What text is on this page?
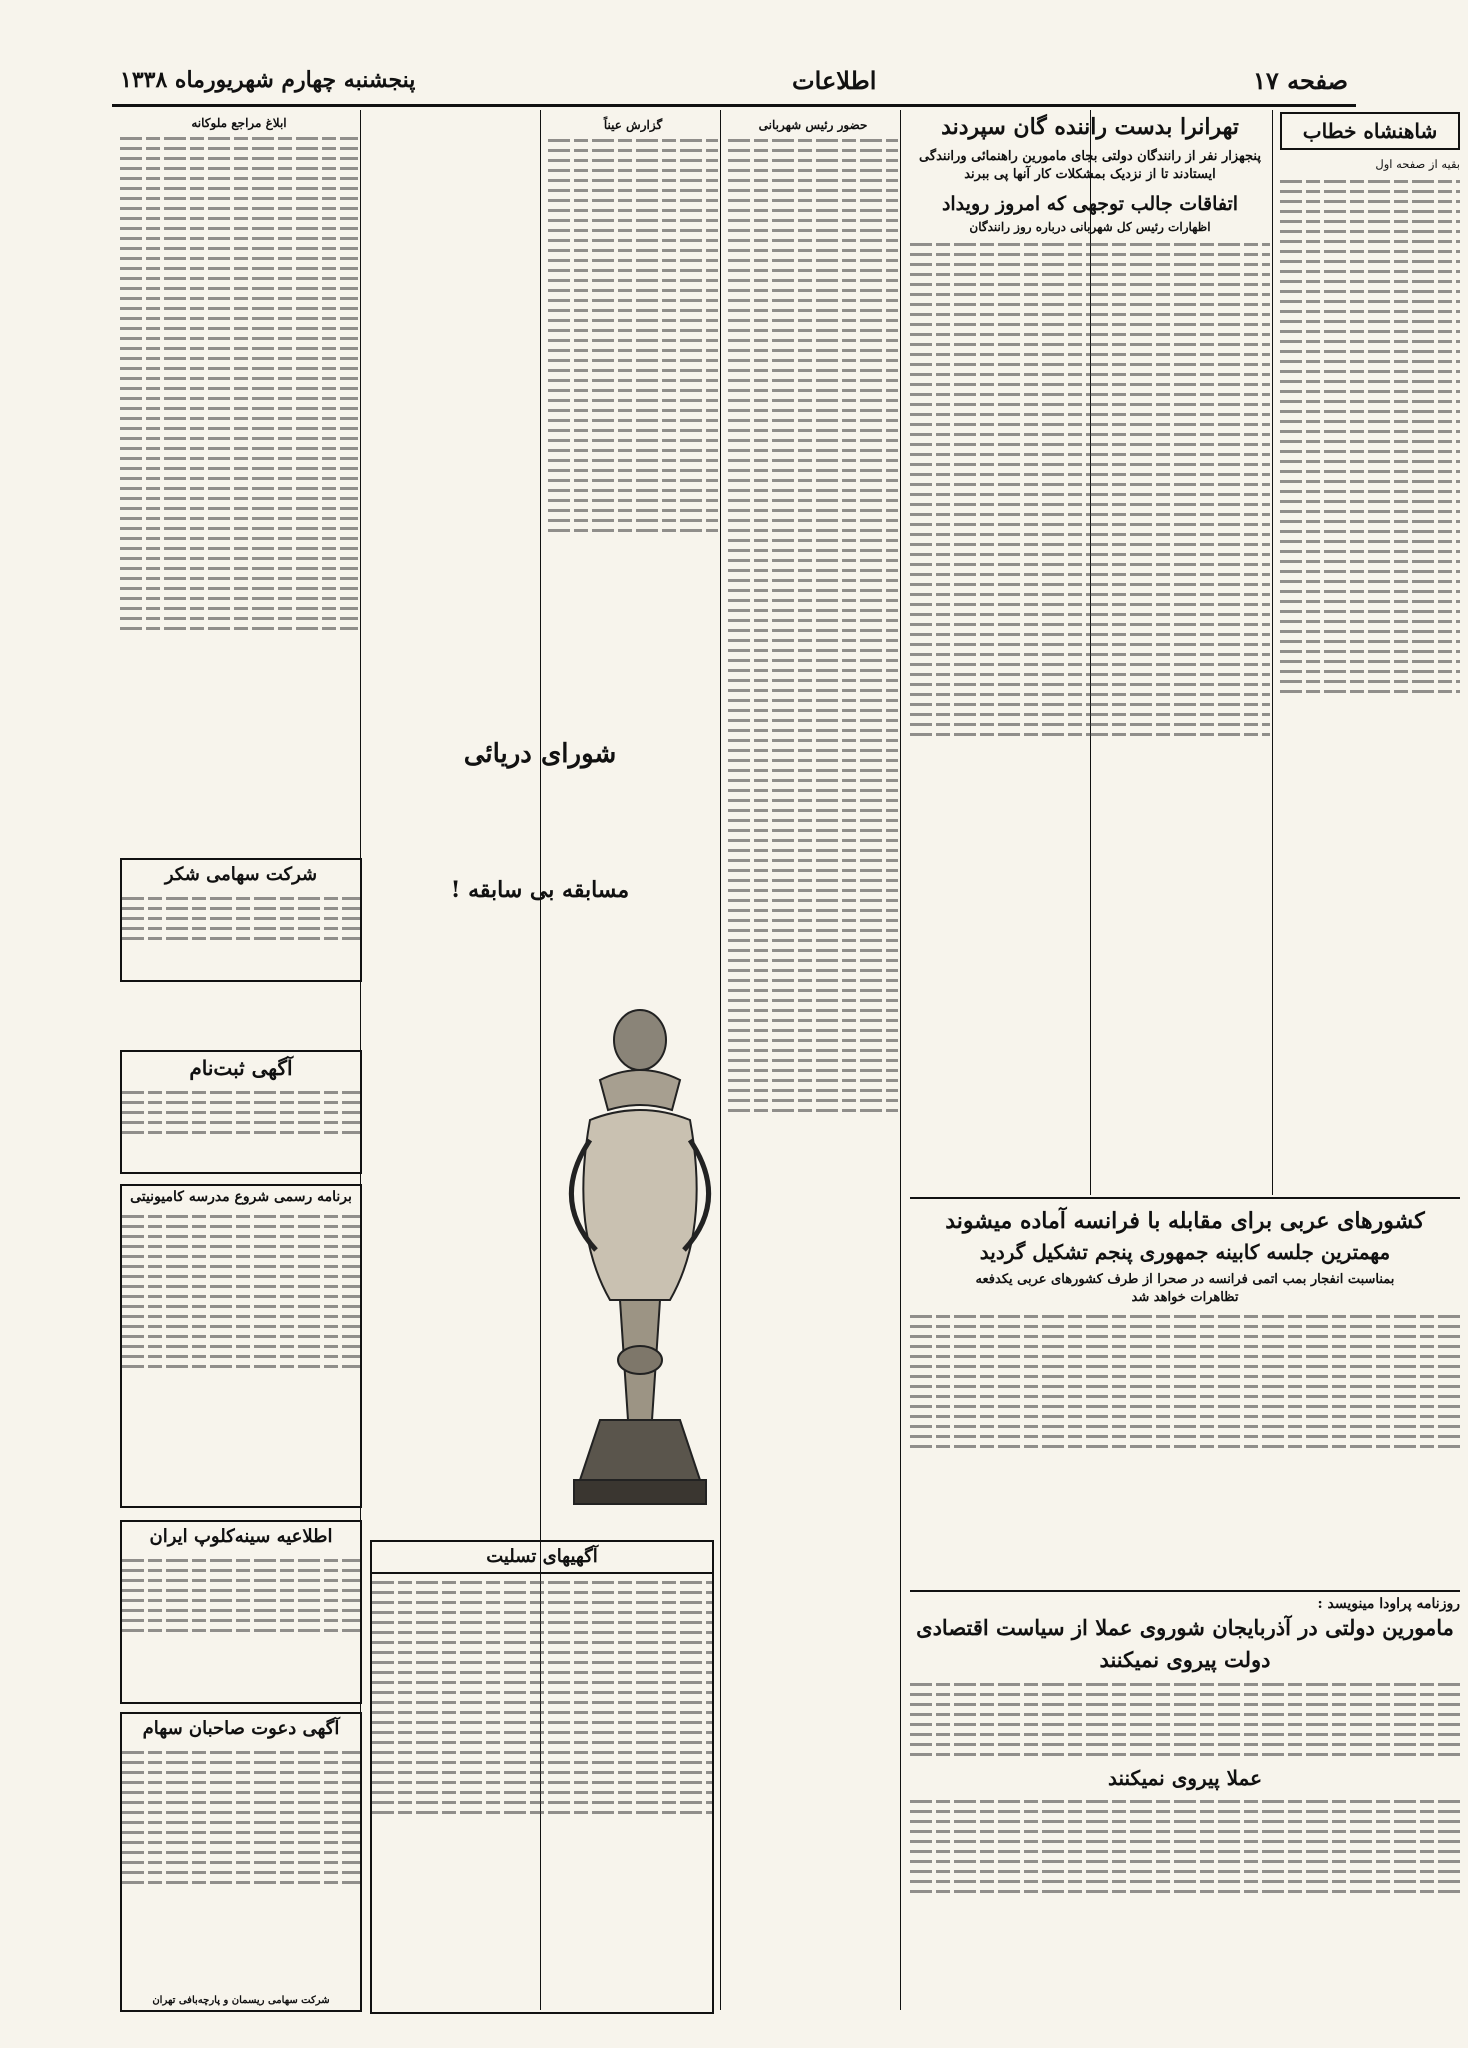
صفحه ۱۷
اطلاعات
پنجشنبه چهارم شهریورماه ۱۳۳۸
شاهنشاه خطاب

بقیه از صفحه اول

تهرانرا بدست راننده گان سپردند
پنجهزار نفر از رانندگان دولتی بجای مامورین راهنمائی ورانندگی ایستادند تا از نزدیک بمشکلات کار آنها پی ببرند
اتفاقات جالب توجهی که امروز رویداد
اظهارات رئیس کل شهربانی درباره روز رانندگان
حضور رئیس شهربانی
گزارش عیناً
ابلاغ مراجع ملوکانه
شورای دریائی
مسابقه بی سابقه !
کشورهای عربی برای مقابله با فرانسه آماده میشوند
مهمترین جلسه کابینه جمهوری پنجم تشکیل گردید
بمناسبت انفجار بمب اتمی فرانسه در صحرا از طرف کشورهای عربی یکدفعه تظاهرات خواهد شد
روزنامه پراودا مینویسد :
مامورین دولتی در آذربایجان شوروی عملا از سیاست اقتصادی دولت پیروی نمیکنند
عملا پیروی نمیکنند
شرکت سهامی شکر
آگهی ثبت‌نام
برنامه رسمی شروع مدرسه کامیونیتی
اطلاعیه سینه‌کلوپ ایران
آگهی دعوت صاحبان سهام
شرکت سهامی ریسمان و پارچه‌بافی تهران
آگهیهای تسلیت
